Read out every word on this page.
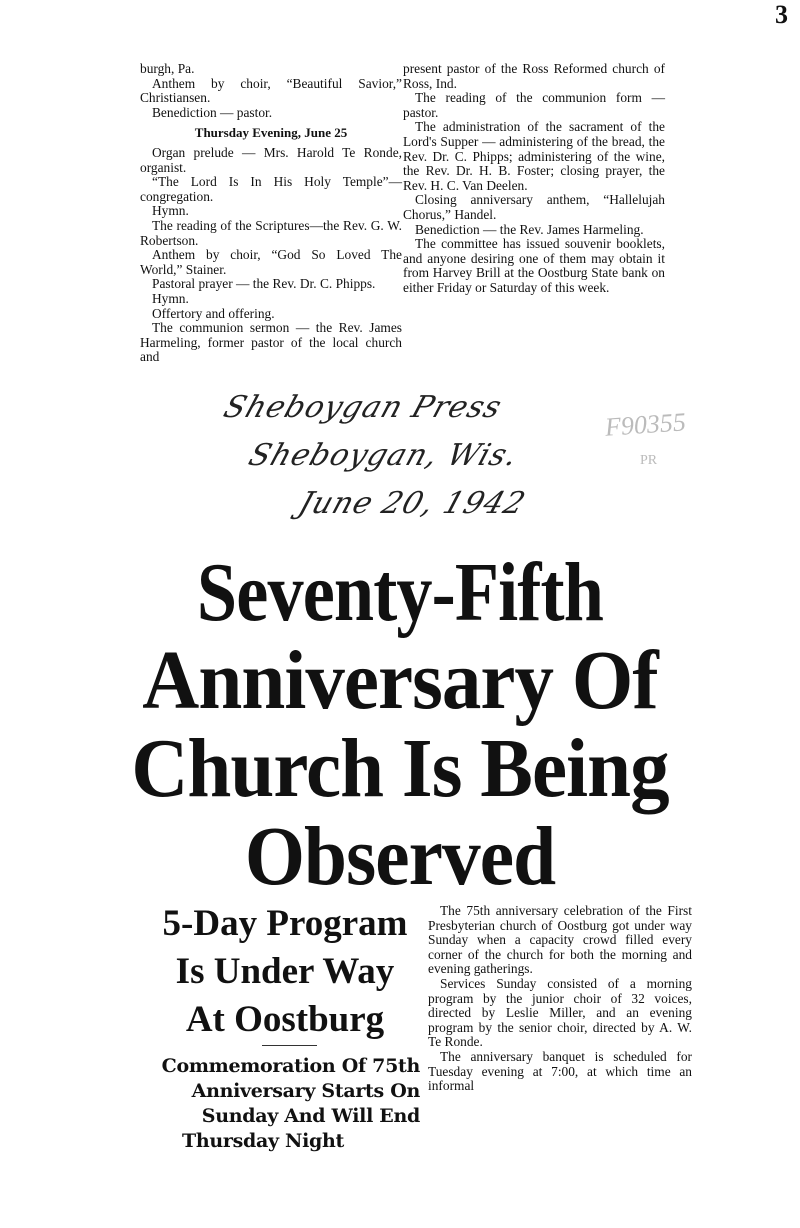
3

burgh, Pa.

Anthem by choir, “Beautiful Savior,” Christiansen.

Benediction — pastor.

Thursday Evening, June 25

Organ prelude — Mrs. Harold Te Ronde, organist.

“The Lord Is In His Holy Temple”—congregation.

Hymn.

The reading of the Scriptures—the Rev. G. W. Robertson.

Anthem by choir, “God So Loved The World,” Stainer.

Pastoral prayer — the Rev. Dr. C. Phipps.

Hymn.

Offertory and offering.

The communion sermon — the Rev. James Harmeling, former pastor of the local church and

present pastor of the Ross Reformed church of Ross, Ind.

The reading of the communion form — pastor.

The administration of the sacrament of the Lord's Supper — administering of the bread, the Rev. Dr. C. Phipps; administering of the wine, the Rev. Dr. H. B. Foster; closing prayer, the Rev. H. C. Van Deelen.

Closing anniversary anthem, “Hallelujah Chorus,” Handel.

Benediction — the Rev. James Harmeling.

The committee has issued souvenir booklets, and anyone desiring one of them may obtain it from Harvey Brill at the Oostburg State bank on either Friday or Saturday of this week.

Sheboygan Press
Sheboygan, Wis.
June 20, 1942
F90355
PR
Seventy-Fifth
Anniversary Of
Church Is Being
Observed
5-Day Program
Is Under Way
At Oostburg
Commemoration Of 75th
Anniversary Starts On
Sunday And Will End
Thursday Night

The 75th anniversary celebration of the First Presbyterian church of Oostburg got under way Sunday when a capacity crowd filled every corner of the church for both the morning and evening gatherings.

Services Sunday consisted of a morning program by the junior choir of 32 voices, directed by Leslie Miller, and an evening program by the senior choir, directed by A. W. Te Ronde.

The anniversary banquet is scheduled for Tuesday evening at 7:00, at which time an informal
